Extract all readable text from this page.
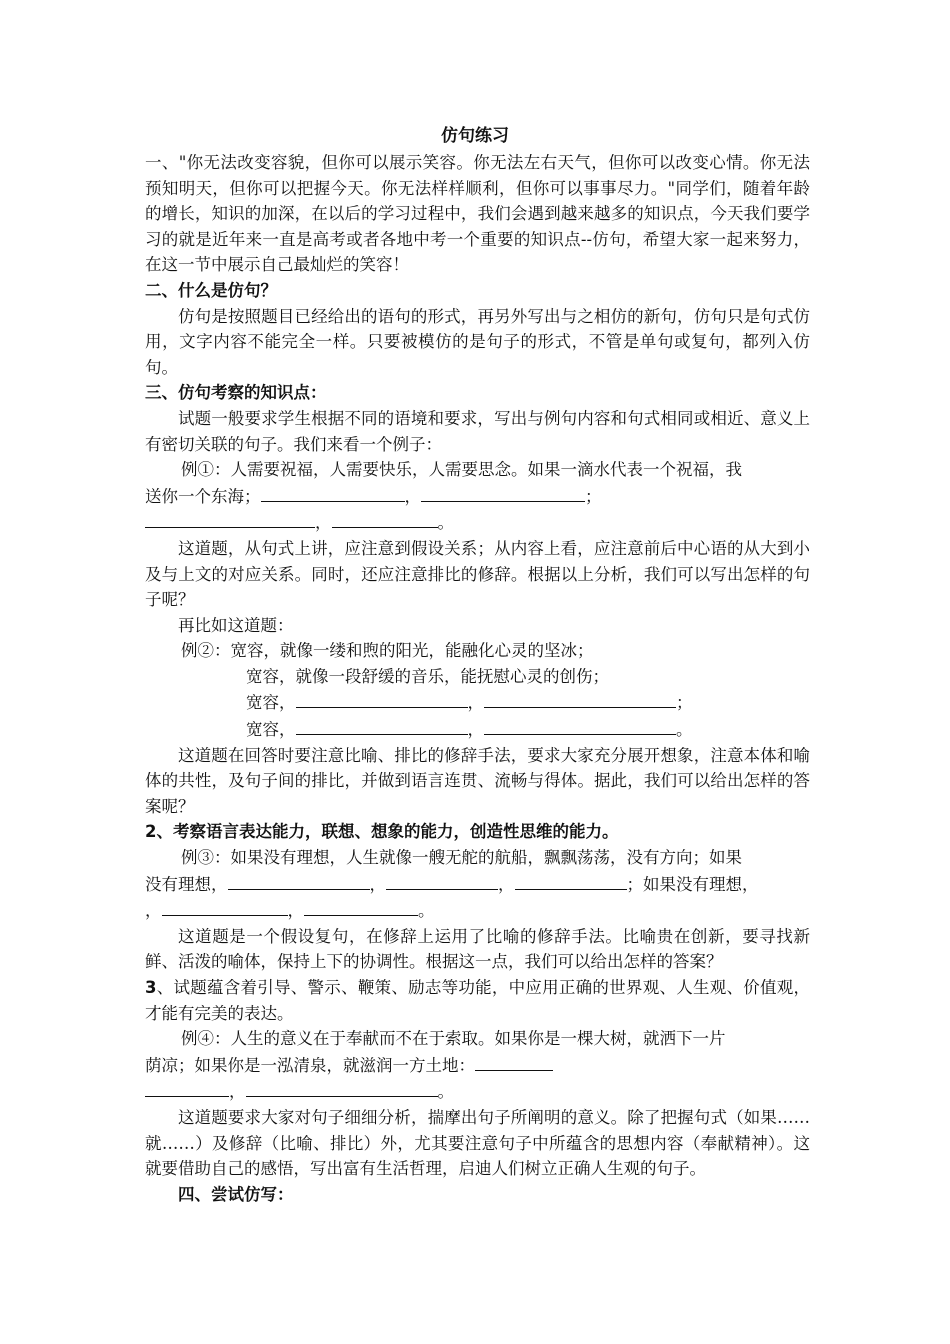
仿句练习

一、"你无法改变容貌，但你可以展示笑容。你无法左右天气，但你可以改变心情。你无法预知明天，但你可以把握今天。你无法样样顺利，但你可以事事尽力。"同学们，随着年龄的增长，知识的加深，在以后的学习过程中，我们会遇到越来越多的知识点，今天我们要学习的就是近年来一直是高考或者各地中考一个重要的知识点--仿句，希望大家一起来努力，在这一节中展示自己最灿烂的笑容！

二、什么是仿句？

仿句是按照题目已经给出的语句的形式，再另外写出与之相仿的新句，仿句只是句式仿用，文字内容不能完全一样。只要被模仿的是句子的形式，不管是单句或复句，都列入仿句。

三、仿句考察的知识点：

试题一般要求学生根据不同的语境和要求，写出与例句内容和句式相同或相近、意义上有密切关联的句子。我们来看一个例子：

例①：人需要祝福，人需要快乐，人需要思念。如果一滴水代表一个祝福，我

送你一个东海；	，	；

，	。

这道题，从句式上讲，应注意到假设关系；从内容上看，应注意前后中心语的从大到小及与上文的对应关系。同时，还应注意排比的修辞。根据以上分析，我们可以写出怎样的句子呢？

再比如这道题：

例②：宽容，就像一缕和煦的阳光，能融化心灵的坚冰；

宽容，就像一段舒缓的音乐，能抚慰心灵的创伤；

宽容，	，	；

宽容，	，	。

这道题在回答时要注意比喻、排比的修辞手法，要求大家充分展开想象，注意本体和喻体的共性，及句子间的排比，并做到语言连贯、流畅与得体。据此，我们可以给出怎样的答案呢？

2、考察语言表达能力，联想、想象的能力，创造性思维的能力。

例③：如果没有理想，人生就像一艘无舵的航船，飘飘荡荡，没有方向；如果

没有理想，	，	，	；如果没有理想，

，	，	。

这道题是一个假设复句，在修辞上运用了比喻的修辞手法。比喻贵在创新，要寻找新鲜、活泼的喻体，保持上下的协调性。根据这一点，我们可以给出怎样的答案？

3、试题蕴含着引导、警示、鞭策、励志等功能，中应用正确的世界观、人生观、价值观，才能有完美的表达。

例④：人生的意义在于奉献而不在于索取。如果你是一棵大树，就洒下一片

荫凉；如果你是一泓清泉，就滋润一方土地：

，	。

这道题要求大家对句子细细分析，揣摩出句子所阐明的意义。除了把握句式（如果……就……）及修辞（比喻、排比）外，尤其要注意句子中所蕴含的思想内容（奉献精神）。这就要借助自己的感悟，写出富有生活哲理，启迪人们树立正确人生观的句子。

四、尝试仿写：
